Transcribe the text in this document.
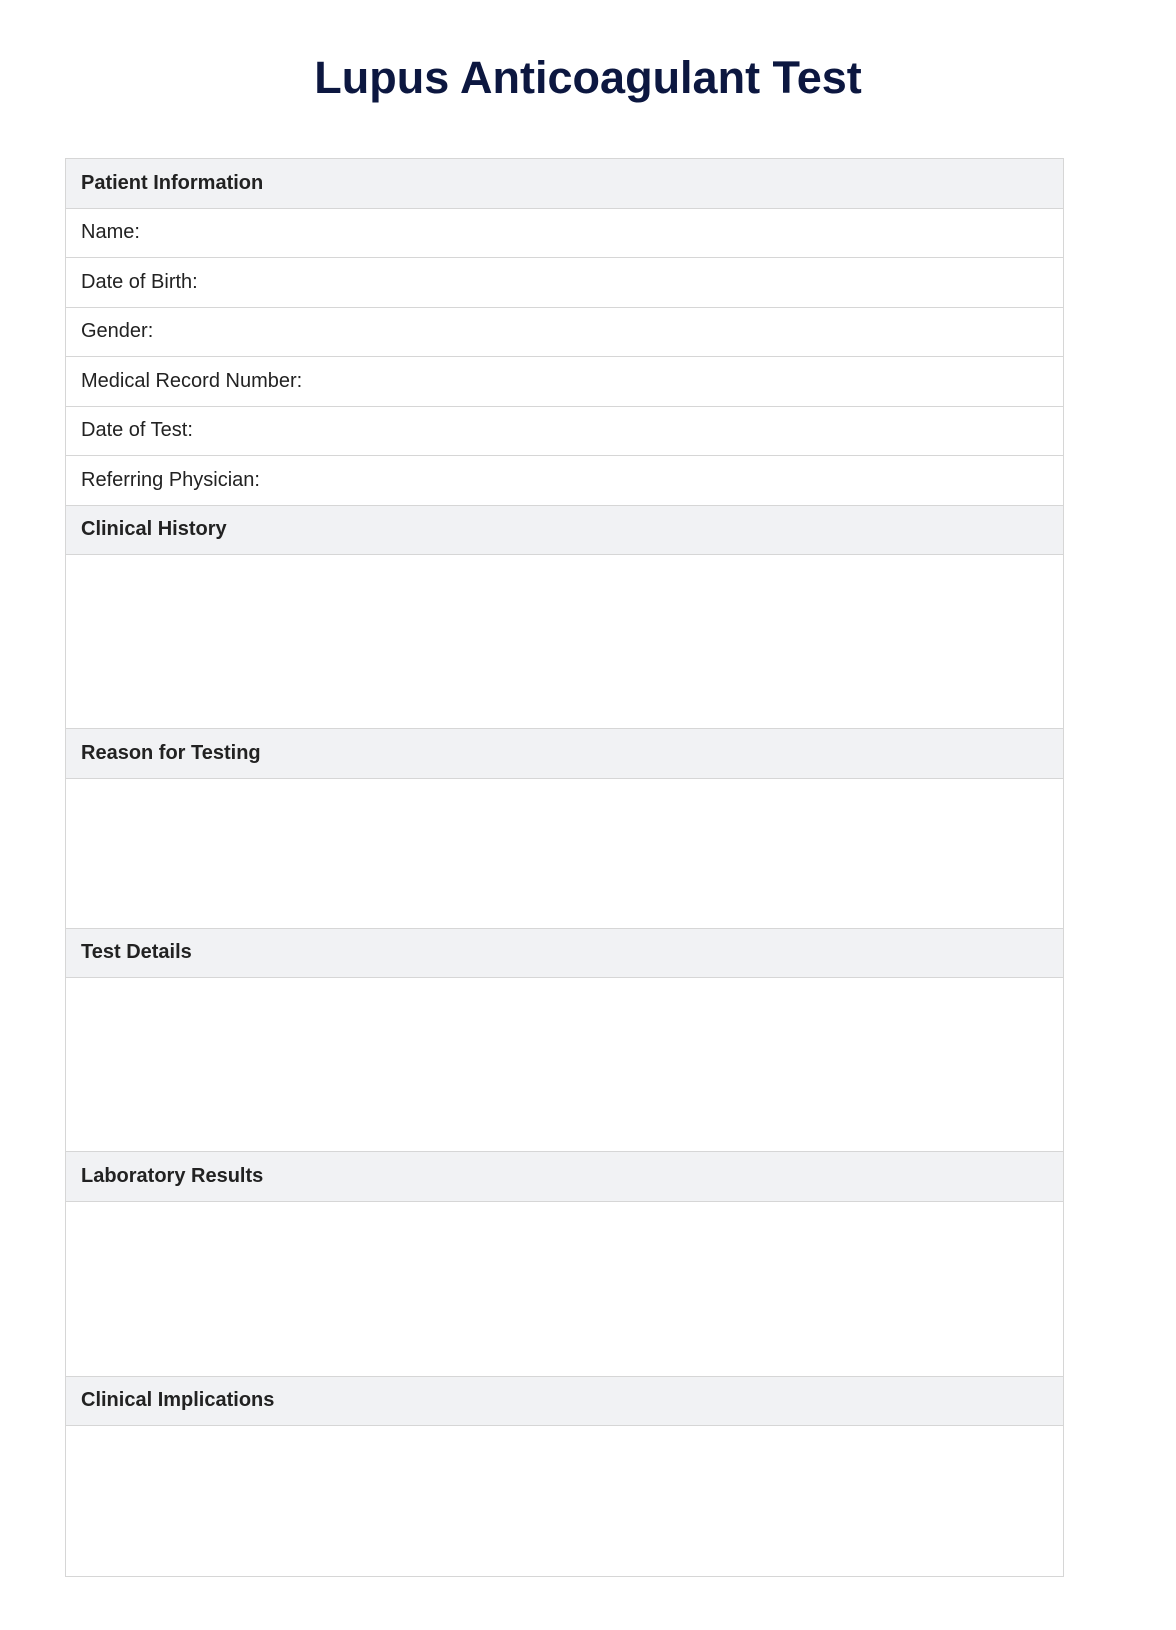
Lupus Anticoagulant Test
Patient Information
Name:
Date of Birth:
Gender:
Medical Record Number:
Date of Test:
Referring Physician:
Clinical History
Reason for Testing
Test Details
Laboratory Results
Clinical Implications
